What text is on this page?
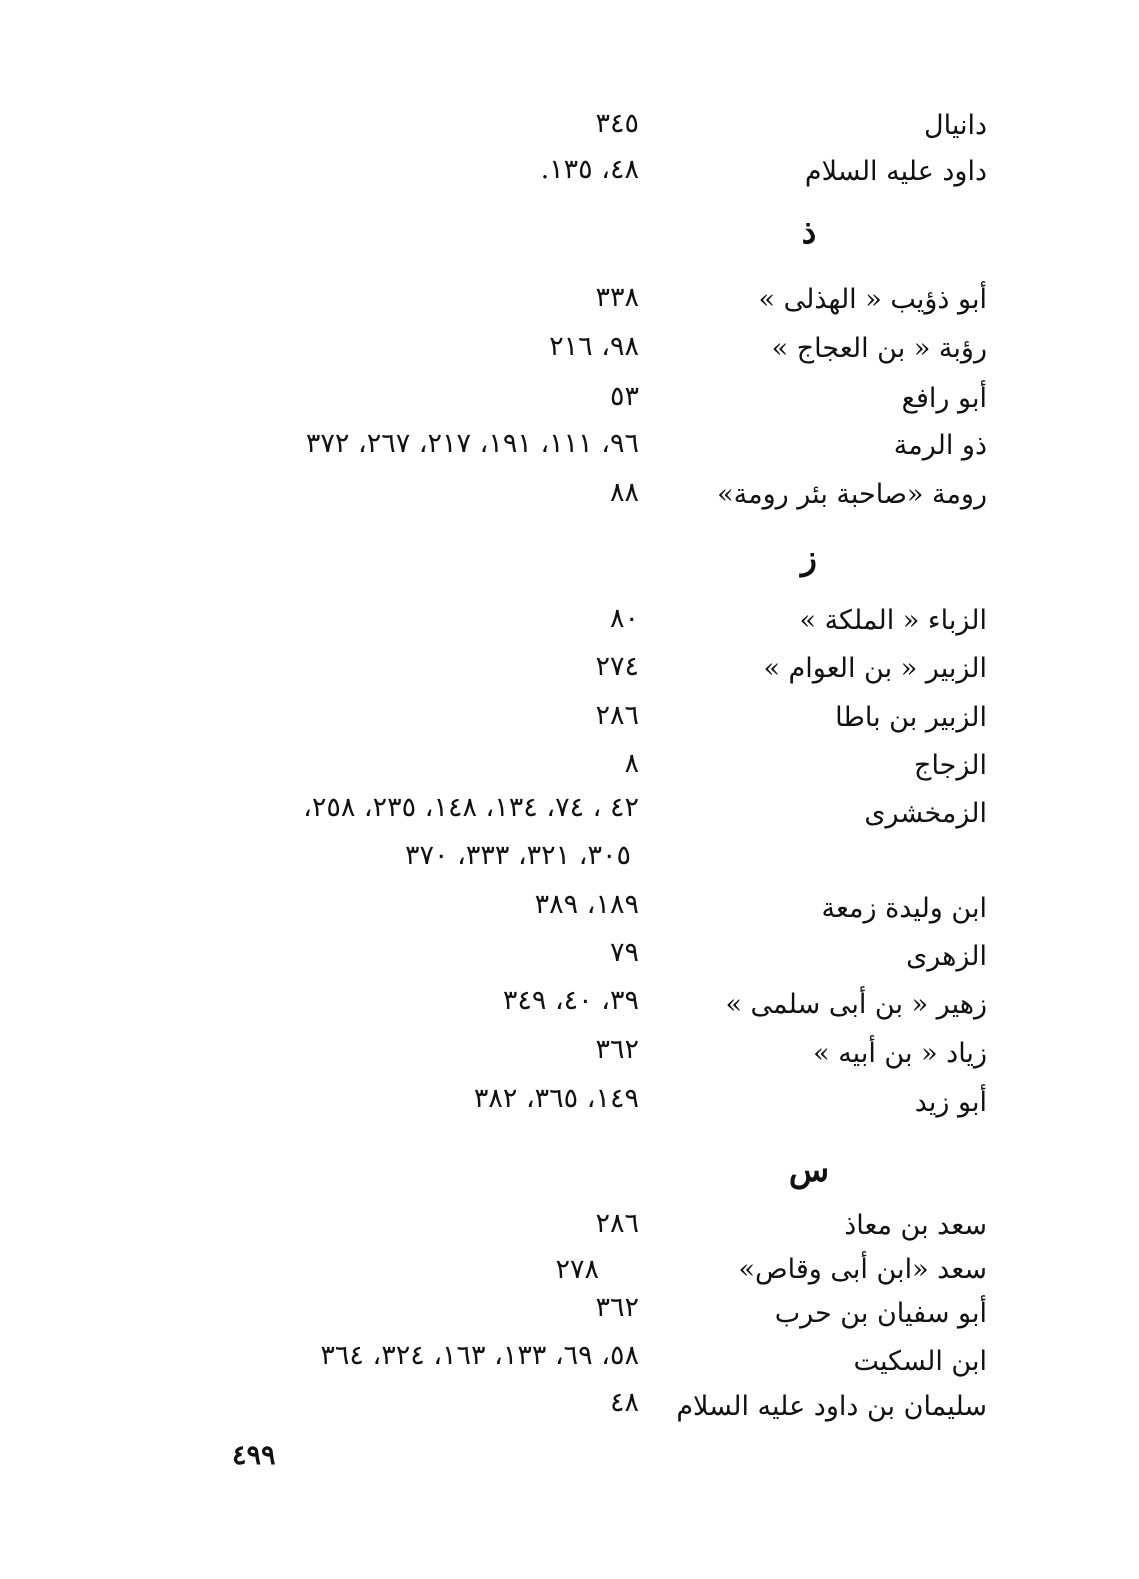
دانيال
٣٤٥
داود عليه السلام
٤٨، ١٣٥.
ذ
أبو ذؤيب « الهذلى »
٣٣٨
رؤبة « بن العجاج »
٩٨، ٢١٦
أبو رافع
٥٣
ذو الرمة
٩٦، ١١١، ١٩١، ٢١٧، ٢٦٧، ٣٧٢
رومة «صاحبة بئر رومة»
٨٨
ز
الزباء « الملكة »
٨٠
الزبير « بن العوام »
٢٧٤
الزبير بن باطا
٢٨٦
الزجاج
٨
الزمخشرى
٤٢ ، ٧٤، ١٣٤، ١٤٨، ٢٣٥، ٢٥٨،
٣٠٥، ٣٢١، ٣٣٣، ٣٧٠
ابن وليدة زمعة
١٨٩، ٣٨٩
الزهرى
٧٩
زهير « بن أبى سلمى »
٣٩، ٤٠، ٣٤٩
زياد « بن أبيه »
٣٦٢
أبو زيد
١٤٩، ٣٦٥، ٣٨٢
س
سعد بن معاذ
٢٨٦
سعد «ابن أبى وقاص»
٢٧٨
أبو سفيان بن حرب
٣٦٢
ابن السكيت
٥٨، ٦٩، ١٣٣، ١٦٣، ٣٢٤، ٣٦٤
سليمان بن داود عليه السلام
٤٨
٤٩٩
